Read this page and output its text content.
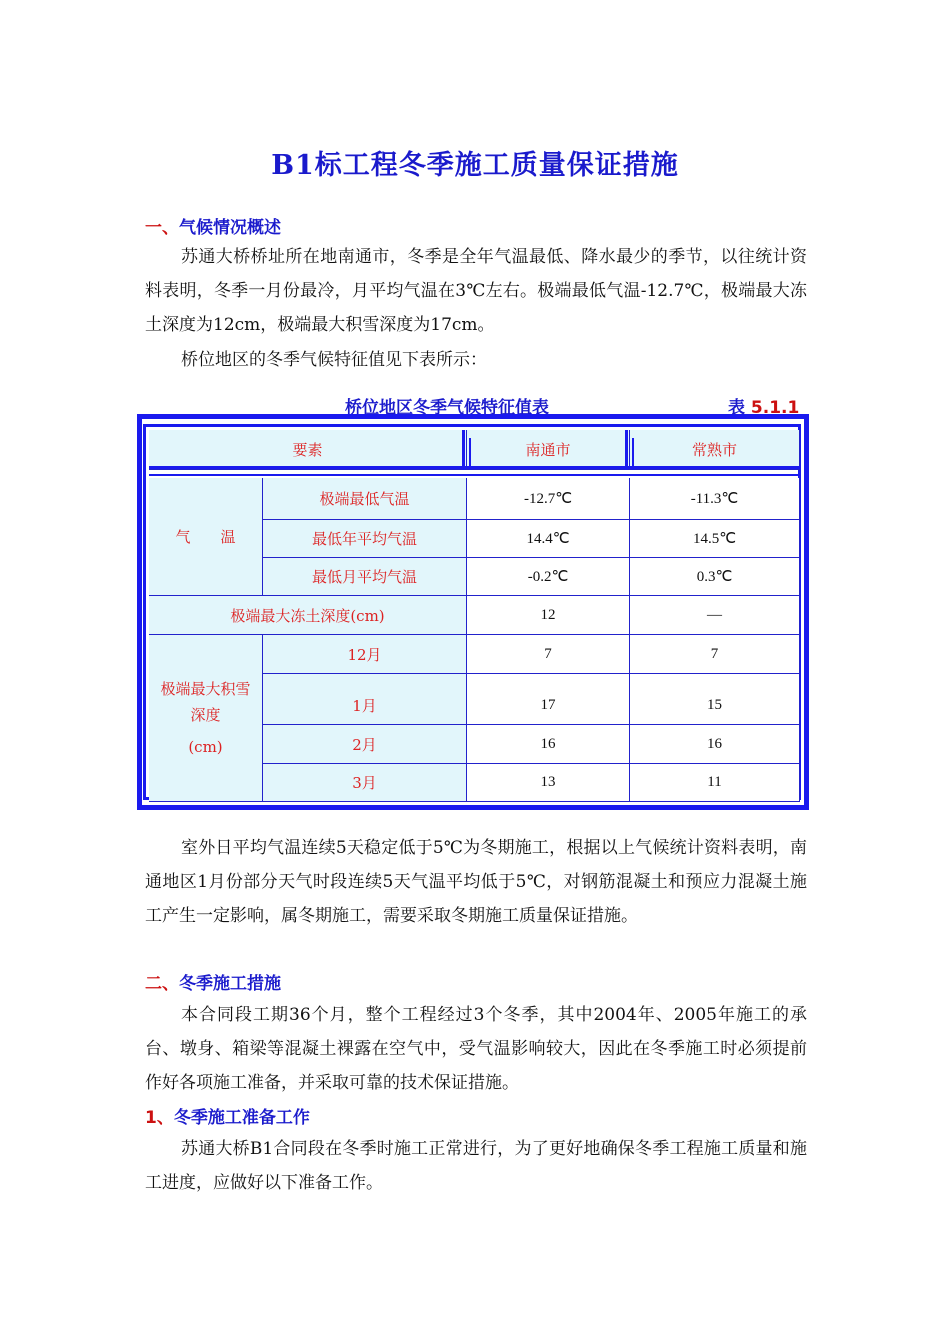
B1标工程冬季施工质量保证措施
一、气候情况概述
苏通大桥桥址所在地南通市，冬季是全年气温最低、降水最少的季节，以往统计资料表明，冬季一月份最冷，月平均气温在3℃左右。极端最低气温-12.7℃，极端最大冻土深度为12cm，极端最大积雪深度为17cm。
桥位地区的冬季气候特征值见下表所示：
桥位地区冬季气候特征值表	表 5.1.1
要素	南通市	常熟市
气　　温
极端最低气温	-12.7℃	-11.3℃
最低年平均气温	14.4℃	14.5℃
最低月平均气温	-0.2℃	0.3℃
极端最大冻土深度(cm)	12	—
极端最大积雪
深度
(cm)
12月	7	7
1月	17	15
2月	16	16
3月	13	11
室外日平均气温连续5天稳定低于5℃为冬期施工，根据以上气候统计资料表明，南通地区1月份部分天气时段连续5天气温平均低于5℃，对钢筋混凝土和预应力混凝土施工产生一定影响，属冬期施工，需要采取冬期施工质量保证措施。
二、冬季施工措施
本合同段工期36个月，整个工程经过3个冬季，其中2004年、2005年施工的承台、墩身、箱梁等混凝土裸露在空气中，受气温影响较大，因此在冬季施工时必须提前作好各项施工准备，并采取可靠的技术保证措施。
1、冬季施工准备工作
苏通大桥B1合同段在冬季时施工正常进行，为了更好地确保冬季工程施工质量和施工进度，应做好以下准备工作。
